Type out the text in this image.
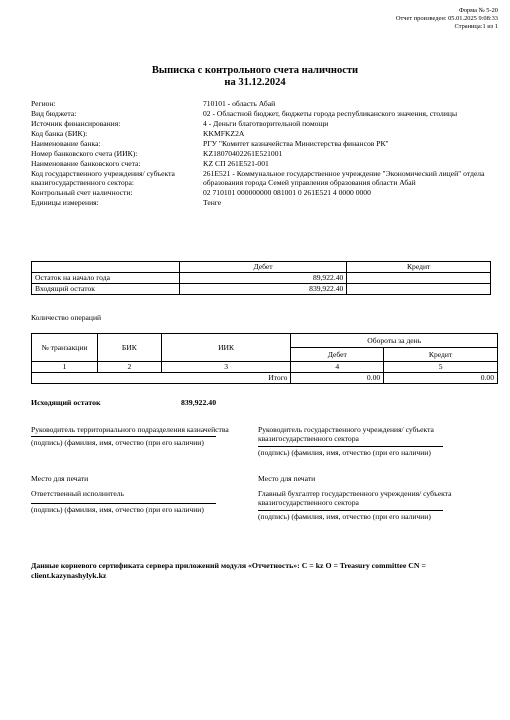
Форма № 5-20
Отчет произведен: 05.01.2025 9:08:33
Страница:1 из 1
Выписка с контрольного счета наличности
на 31.12.2024
Регион:	710101 - область Абай
Вид бюджета:	02 - Областной бюджет, бюджеты города республиканского значения, столицы
Источник финансирования:	4 - Деньги благотворительной помощи
Код банка (БИК):	KKMFKZ2A
Наименование банка:	РГУ "Комитет казначейства Министерства финансов РК"
Номер банковского счета (ИИК):	KZ18070402261E521001
Наименование банковского счета:	KZ СП 261E521-001
Код государственного учреждения/ субъекта квазигосударственного сектора:
261E521 - Коммунальное государственное учреждение "Экономический лицей" отдела образования города Семей управления образования области Абай
Контрольный счет наличности:	02 710101 000000000 081001 0 261E521 4 0000 0000
Единицы измерения:	Тенге
	Дебет	Кредит
Остаток на начало года	89,922.40	
Входящий остаток	839,922.40	
Количество операций
№ транзакции	БИК	ИИК	Обороты за день	
			Дебет	Кредит
1	2	3	4	5
Итого			0.00	0.00
Исходящий остаток	839,922.40
Руководитель территориального подразделения казначейства
(подпись) (фамилия, имя, отчество (при его наличии)
Руководитель государственного учреждения/ субъекта квазигосударственного сектора
(подпись) (фамилия, имя, отчество (при его наличии)
Место для печати	Место для печати
Ответственный исполнитель
(подпись) (фамилия, имя, отчество (при его наличии)
Главный бухгалтер государственного учреждения/ субъекта квазигосударственного сектора
(подпись) (фамилия, имя, отчество (при его наличии)
Данные корневого сертификата сервера приложений модуля «Отчетность»: C = kz O = Treasury committee CN = client.kazynashylyk.kz
